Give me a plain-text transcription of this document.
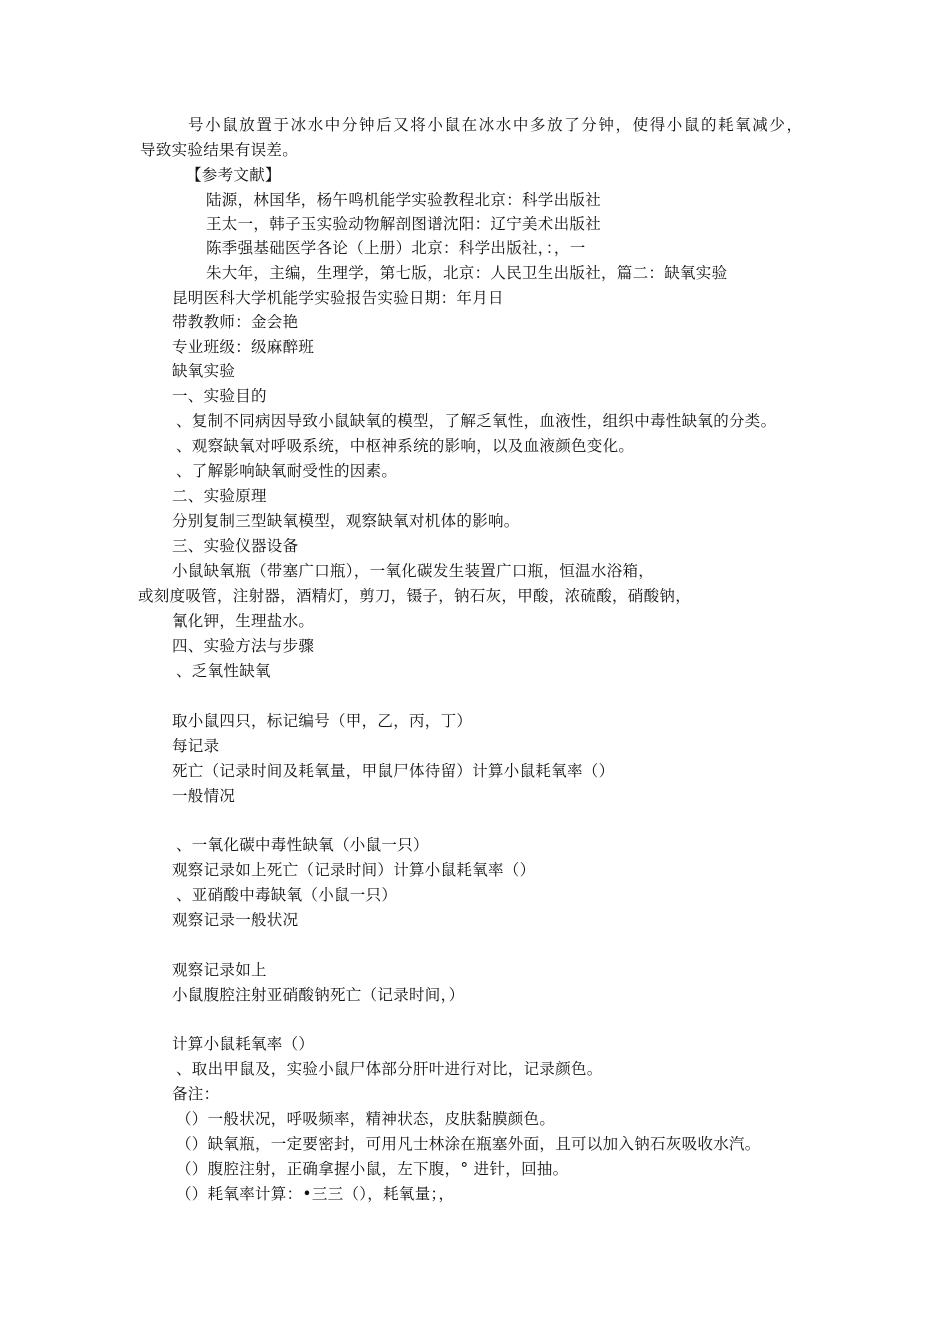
号小鼠放置于冰水中分钟后又将小鼠在冰水中多放了分钟，使得小鼠的耗氧减少，
导致实验结果有误差。
【参考文献】
陆源，林国华，杨午鸣机能学实验教程北京：科学出版社
王太一，韩子玉实验动物解剖图谱沈阳：辽宁美术出版社
陈季强基础医学各论（上册）北京：科学出版社，：，一
朱大年，主编，生理学，第七版，北京：人民卫生出版社，篇二：缺氧实验
昆明医科大学机能学实验报告实验日期：年月日
带教教师：金会艳
专业班级：级麻醉班
缺氧实验
一、实验目的
、复制不同病因导致小鼠缺氧的模型，了解乏氧性，血液性，组织中毒性缺氧的分类。
、观察缺氧对呼吸系统，中枢神系统的影响，以及血液颜色变化。
、了解影响缺氧耐受性的因素。
二、实验原理
分别复制三型缺氧模型，观察缺氧对机体的影响。
三、实验仪器设备
小鼠缺氧瓶（带塞广口瓶），一氧化碳发生装置广口瓶，恒温水浴箱，
或刻度吸管，注射器，酒精灯，剪刀，镊子，钠石灰，甲酸，浓硫酸，硝酸钠，
氰化钾，生理盐水。
四、实验方法与步骤
、乏氧性缺氧
取小鼠四只，标记编号（甲，乙，丙，丁）
每记录
死亡（记录时间及耗氧量，甲鼠尸体待留）计算小鼠耗氧率（）
一般情况
、一氧化碳中毒性缺氧（小鼠一只）
观察记录如上死亡（记录时间）计算小鼠耗氧率（）
、亚硝酸中毒缺氧（小鼠一只）
观察记录一般状况
观察记录如上
小鼠腹腔注射亚硝酸钠死亡（记录时间，）
计算小鼠耗氧率（）
、取出甲鼠及，实验小鼠尸体部分肝叶进行对比，记录颜色。
备注：
（）一般状况，呼吸频率，精神状态，皮肤黏膜颜色。
（）缺氧瓶，一定要密封，可用凡士林涂在瓶塞外面，且可以加入钠石灰吸收水汽。
（）腹腔注射，正确拿握小鼠，左下腹，° 进针，回抽。
（）耗氧率计算：•三三（），耗氧量；，
